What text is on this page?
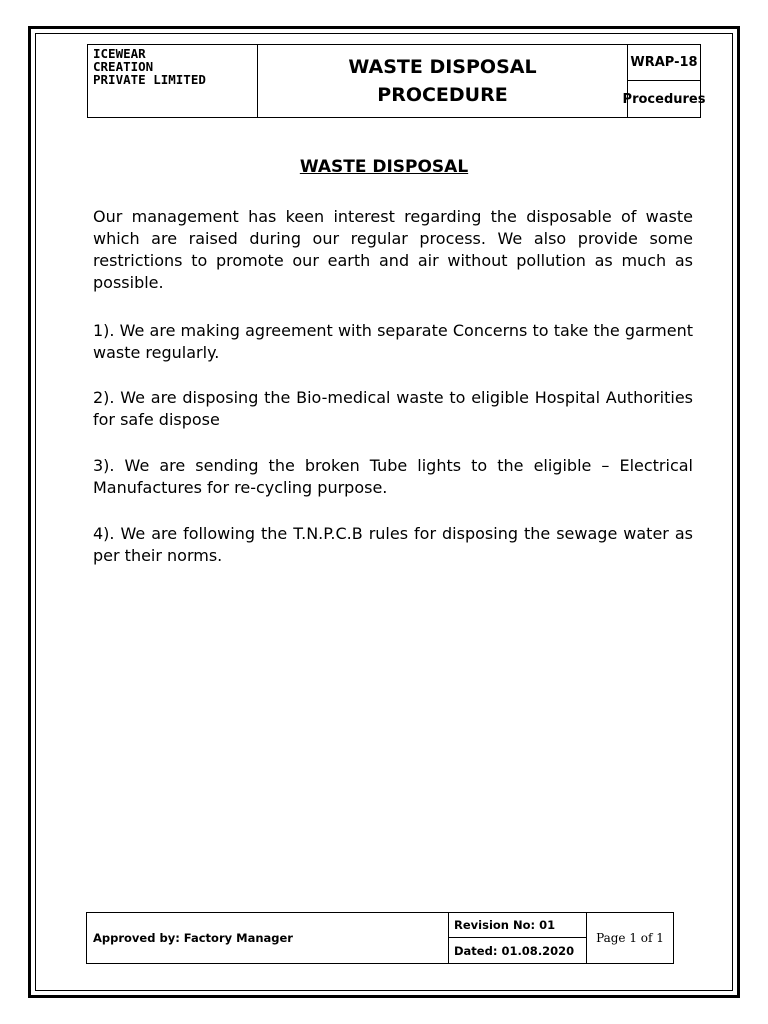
ICEWEAR
CREATION
PRIVATE LIMITED
WASTE DISPOSAL
PROCEDURE
WRAP-18
Procedures
WASTE DISPOSAL
Our management has keen interest regarding the disposable of waste which are raised during our regular process. We also provide some restrictions to promote our earth and air without pollution as much as possible.
1). We are making agreement with separate Concerns to take the garment waste regularly.
2). We are disposing the Bio-medical waste to eligible Hospital Authorities for safe dispose
3). We are sending the broken Tube lights to the eligible – Electrical Manufactures for re-cycling purpose.
4). We are following the T.N.P.C.B rules for disposing the sewage water as per their norms.
Approved by: Factory Manager
Revision No: 01
Dated: 01.08.2020
Page 1 of 1
